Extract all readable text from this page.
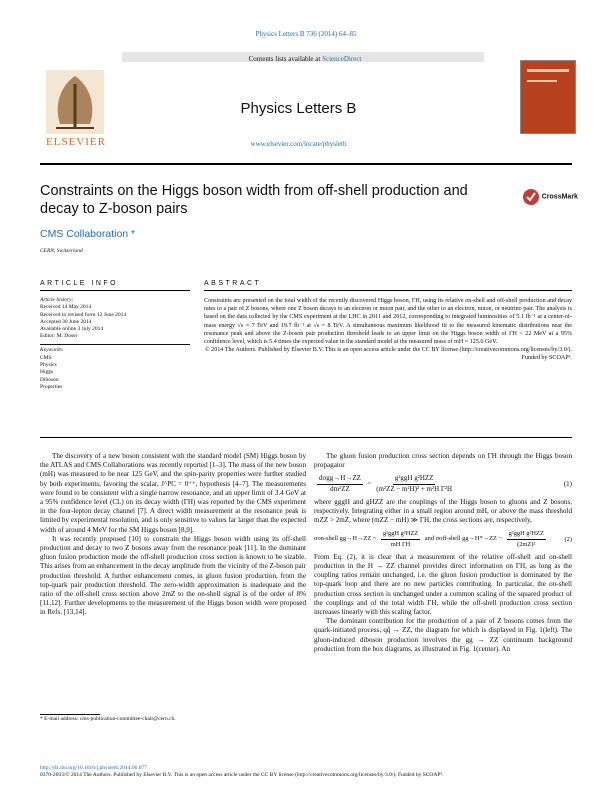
Physics Letters B 736 (2014) 64–85
Contents lists available at ScienceDirect
ELSEVIER
Physics Letters B
www.elsevier.com/locate/physletb
Constraints on the Higgs boson width from off-shell production and decay to Z-boson pairs
CrossMark
CMS Collaboration *
CERN, Switzerland
ARTICLE INFO	ABSTRACT
Article history:
Received 14 May 2014
Received in revised form 12 June 2014
Accepted 30 June 2014
Available online 3 July 2014
Editor: M. Doser
Keywords:
CMS
Physics
Higgs
Diboson
Properties

Constraints are presented on the total width of the recently discovered Higgs boson, ΓH, using its relative on-shell and off-shell production and decay rates to a pair of Z bosons, where one Z boson decays to an electron or muon pair, and the other to an electron, muon, or neutrino pair. The analysis is based on the data collected by the CMS experiment at the LHC in 2011 and 2012, corresponding to integrated luminosities of 5.1 fb⁻¹ at a center-of-mass energy √s = 7 TeV and 19.7 fb⁻¹ at √s = 8 TeV. A simultaneous maximum likelihood fit to the measured kinematic distributions near the resonance peak and above the Z-boson pair production threshold leads to an upper limit on the Higgs boson width of ΓH < 22 MeV at a 95% confidence level, which is 5.4 times the expected value in the standard model at the measured mass of mH = 125.6 GeV.

© 2014 The Authors. Published by Elsevier B.V. This is an open access article under the CC BY license (http://creativecommons.org/licenses/by/3.0/). Funded by SCOAP³.

The discovery of a new boson consistent with the standard model (SM) Higgs boson by the ATLAS and CMS Collaborations was recently reported [1–3]. The mass of the new boson (mH) was measured to be near 125 GeV, and the spin-parity properties were further studied by both experiments, favoring the scalar, J^PC = 0⁺⁺, hypothesis [4–7]. The measurements were found to be consistent with a single narrow resonance, and an upper limit of 3.4 GeV at a 95% confidence level (CL) on its decay width (ΓH) was reported by the CMS experiment in the four-lepton decay channel [7]. A direct width measurement at the resonance peak is limited by experimental resolution, and is only sensitive to values far larger than the expected width of around 4 MeV for the SM Higgs boson [8,9].

It was recently proposed [10] to constrain the Higgs boson width using its off-shell production and decay to two Z bosons away from the resonance peak [11]. In the dominant gluon fusion production mode the off-shell production cross section is known to be sizable. This arises from an enhancement in the decay amplitude from the vicinity of the Z-boson pair production threshold. A further enhancement comes, in gluon fusion production, from the top-quark pair production threshold. The zero-width approximation is inadequate and the ratio of the off-shell cross section above 2mZ to the on-shell signal is of the order of 8% [11,12]. Further developments to the measurement of the Higgs boson width were proposed in Refs. [13,14].

The gluon fusion production cross section depends on ΓH through the Higgs boson propagator

$\frac{\text{dσgg→H→ZZ}}{\text{dm²ZZ}}$ ~ $\frac{\text{g²ggH g²HZZ}}{\text{(m²ZZ − m²H)² + m²H Γ²H}}$	(1)

where gggH and gHZZ are the couplings of the Higgs boson to gluons and Z bosons, respectively. Integrating either in a small region around mH, or above the mass threshold mZZ > 2mZ, where (mZZ − mH) ≫ ΓH, the cross sections are, respectively,

σon-shell gg→H→ZZ ~ $\frac{\text{g²ggH g²HZZ}}{\text{mH ΓH}}$ and σoff-shell gg→H*→ZZ ~ $\frac{\text{g²ggH g²HZZ}}{\text{(2mZ)²}}$	(2)

From Eq. (2), it is clear that a measurement of the relative off-shell and on-shell production in the H → ZZ channel provides direct information on ΓH, as long as the coupling ratios remain unchanged, i.e. the gluon fusion production is dominated by the top-quark loop and there are no new particles contributing. In particular, the on-shell production cross section is unchanged under a common scaling of the squared product of the couplings and of the total width ΓH, while the off-shell production cross section increases linearly with this scaling factor.

The dominant contribution for the production of a pair of Z bosons comes from the quark-initiated process, qq̄ → ZZ, the diagram for which is displayed in Fig. 1(left). The gluon-induced diboson production involves the gg → ZZ continuum background production from the box diagrams, as illustrated in Fig. 1(center). An

* E-mail address: cms-publication-committee-chair@cern.ch.
http://dx.doi.org/10.1016/j.physletb.2014.06.077
0370-2693/© 2014 The Authors. Published by Elsevier B.V. This is an open access article under the CC BY license (http://creativecommons.org/licenses/by/3.0/). Funded by SCOAP³.
